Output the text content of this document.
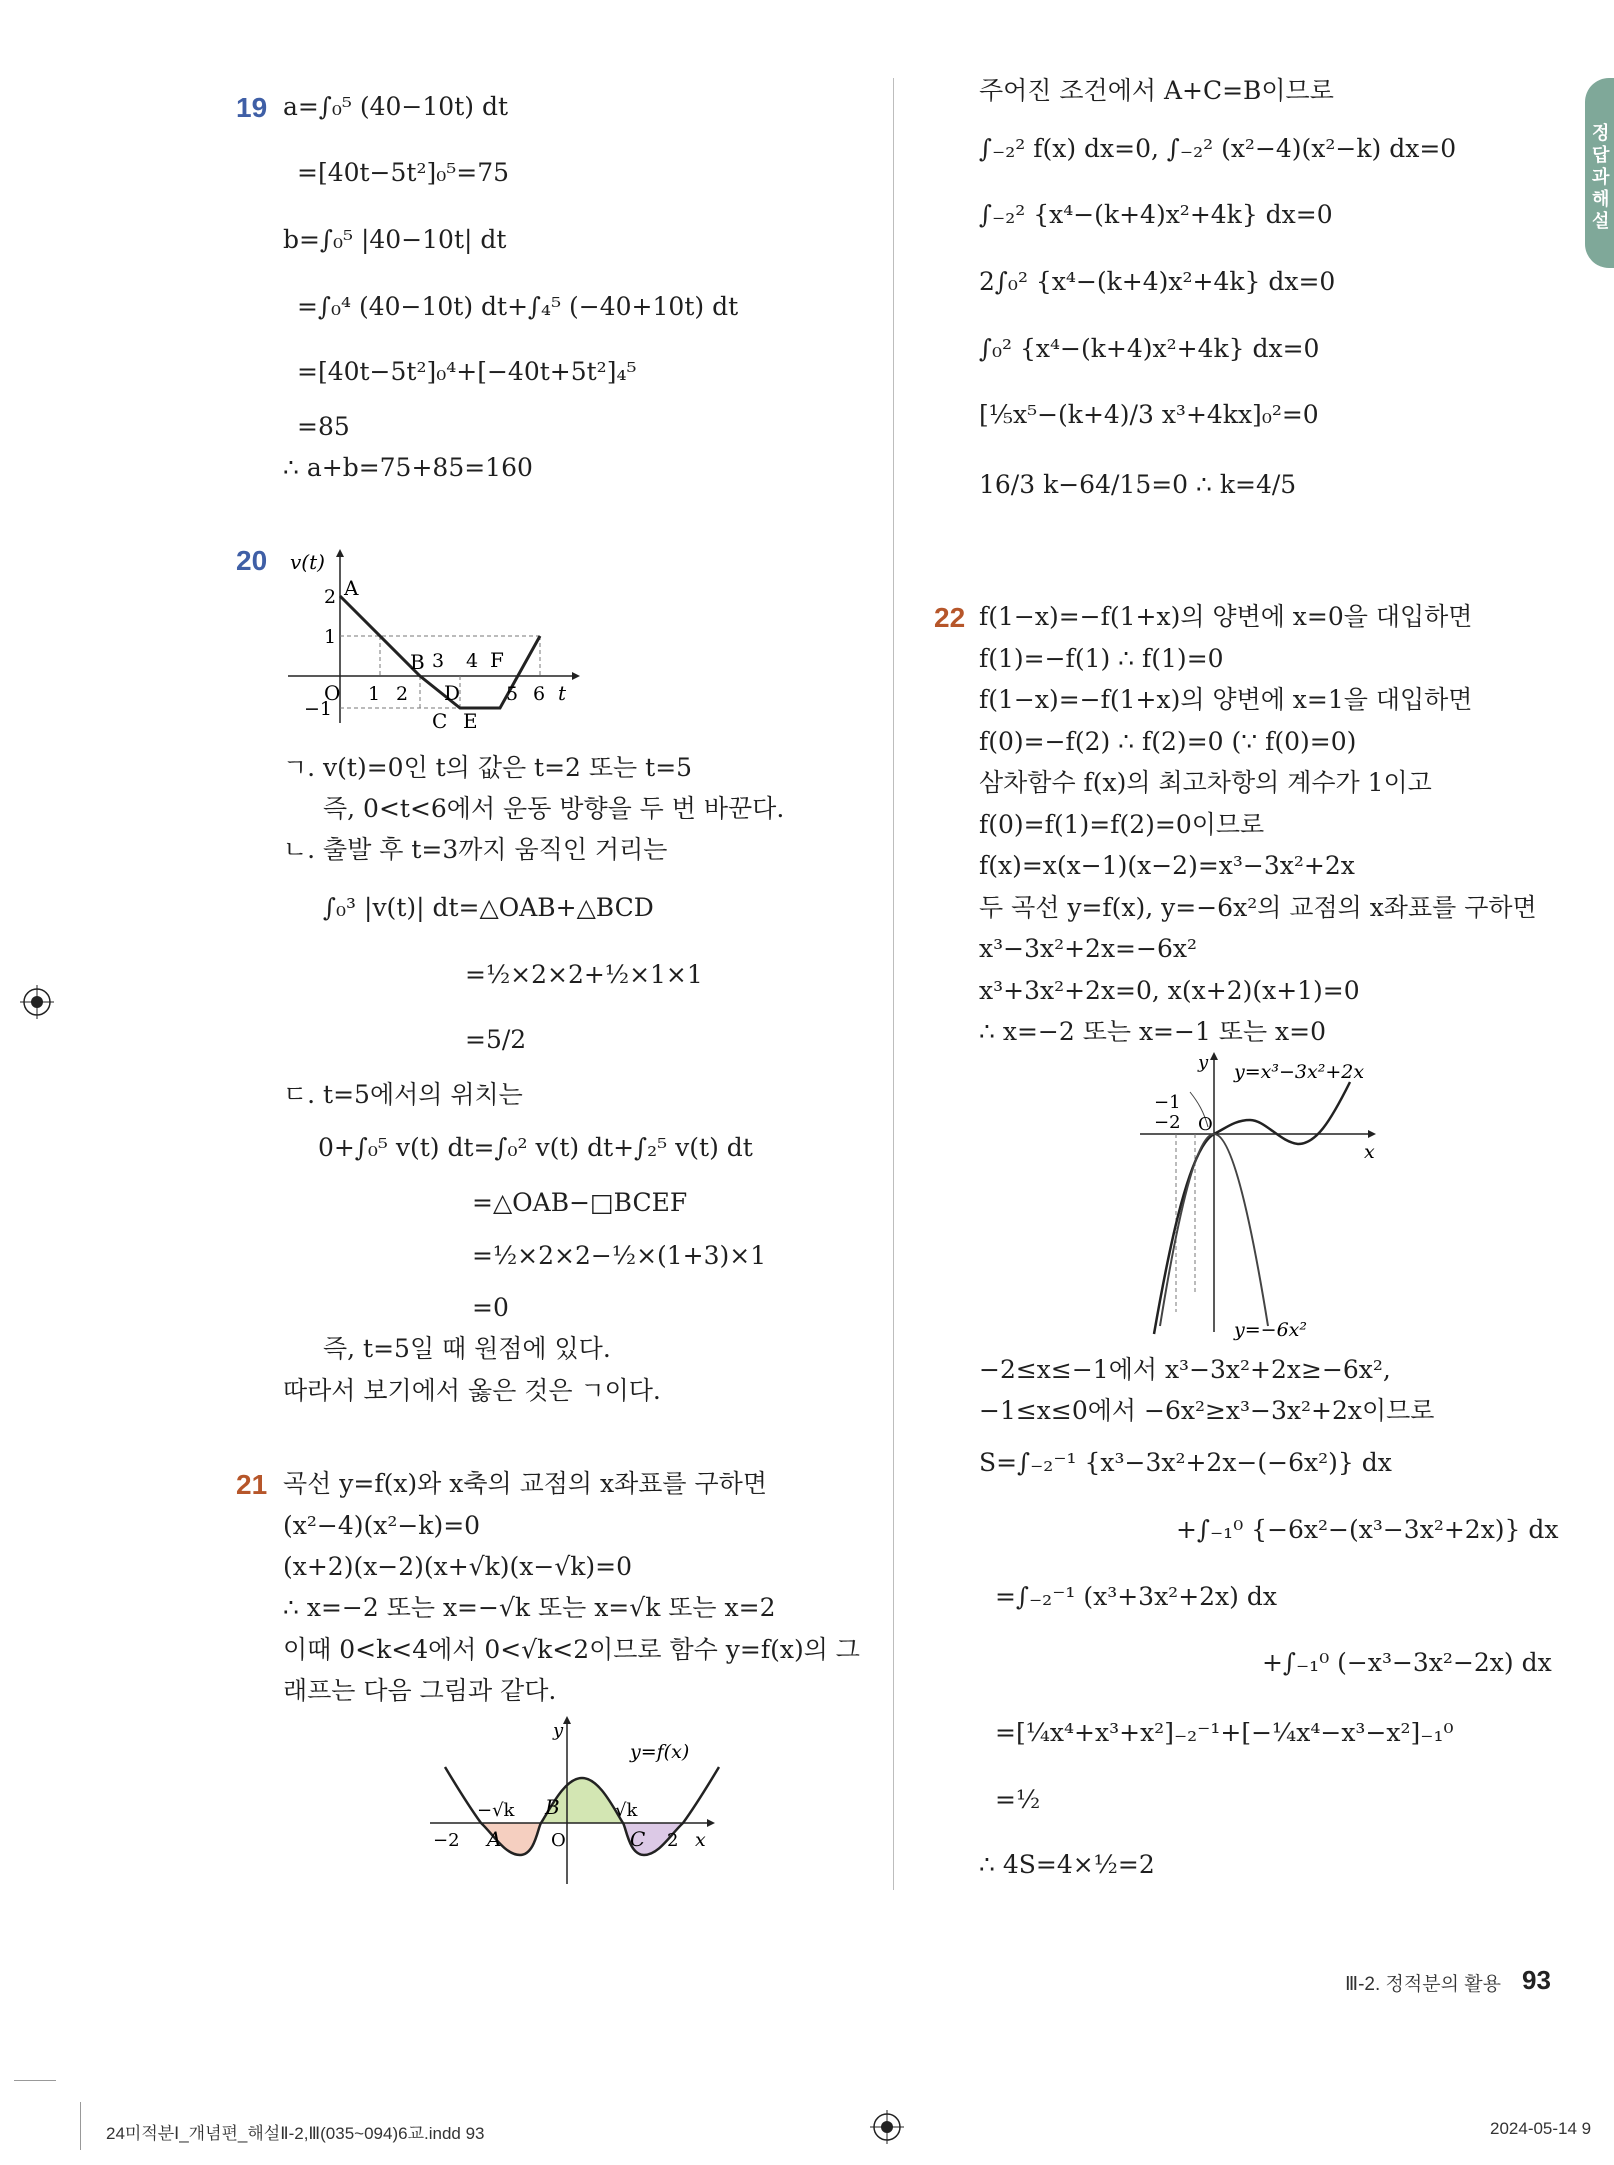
정답과 해설
19 a=∫₀⁵ (40−10t) dt
=[40t−5t²]₀⁵=75
b=∫₀⁵ |40−10t| dt
=∫₀⁴ (40−10t) dt+∫₄⁵ (−40+10t) dt
=[40t−5t²]₀⁴+[−40t+5t²]₄⁵
=85
∴ a+b=75+85=160
20 v(t)
t
O
2
1
−1
1 2
3 4
5 6
A
B
C
D
E
F
ㄱ. v(t)=0인 t의 값은 t=2 또는 t=5
즉, 0<t<6에서 운동 방향을 두 번 바꾼다.
ㄴ. 출발 후 t=3까지 움직인 거리는
∫₀³ |v(t)| dt=△OAB+△BCD
=½×2×2+½×1×1
=5/2
ㄷ. t=5에서의 위치는
0+∫₀⁵ v(t) dt=∫₀² v(t) dt+∫₂⁵ v(t) dt
=△OAB−□BCEF
=½×2×2−½×(1+3)×1
=0
즉, t=5일 때 원점에 있다.
따라서 보기에서 옳은 것은 ㄱ이다.
21 곡선 y=f(x)와 x축의 교점의 x좌표를 구하면
(x²−4)(x²−k)=0
(x+2)(x−2)(x+√k)(x−√k)=0
∴ x=−2 또는 x=−√k 또는 x=√k 또는 x=2
래프는 다음 그림과 같다.
이때 0<k<4에서 0<√k<2이므로 함수 y=f(x)의 그
y
x
y=f(x)
O
−2
−√k	√k
2
A
B
C
주어진 조건에서 A+C=B이므로
∫₋₂² f(x) dx=0, ∫₋₂² (x²−4)(x²−k) dx=0
∫₋₂² {x⁴−(k+4)x²+4k} dx=0
2∫₀² {x⁴−(k+4)x²+4k} dx=0
∫₀² {x⁴−(k+4)x²+4k} dx=0
[⅕x⁵−(k+4)/3 x³+4kx]₀²=0
16/3 k−64/15=0 ∴ k=4/5
22 f(1−x)=−f(1+x)의 양변에 x=0을 대입하면
f(1)=−f(1) ∴ f(1)=0
f(1−x)=−f(1+x)의 양변에 x=1을 대입하면
f(0)=−f(2) ∴ f(2)=0 (∵ f(0)=0)
삼차함수 f(x)의 최고차항의 계수가 1이고
f(0)=f(1)=f(2)=0이므로
f(x)=x(x−1)(x−2)=x³−3x²+2x
두 곡선 y=f(x), y=−6x²의 교점의 x좌표를 구하면
x³−3x²+2x=−6x²
x³+3x²+2x=0, x(x+2)(x+1)=0
∴ x=−2 또는 x=−1 또는 x=0
y
x
O
−1
−2
y=x³−3x²+2x
y=−6x²
−2≤x≤−1에서 x³−3x²+2x≥−6x²,
−1≤x≤0에서 −6x²≥x³−3x²+2x이므로
S=∫₋₂⁻¹ {x³−3x²+2x−(−6x²)} dx
+∫₋₁⁰ {−6x²−(x³−3x²+2x)} dx
=∫₋₂⁻¹ (x³+3x²+2x) dx
+∫₋₁⁰ (−x³−3x²−2x) dx
=[¼x⁴+x³+x²]₋₂⁻¹+[−¼x⁴−x³−x²]₋₁⁰
=½
∴ 4S=4×½=2
Ⅲ-2. 정적분의 활용 93
24미적분Ⅰ_개념편_해설Ⅱ-2,Ⅲ(035~094)6교.indd 93	2024-05-14 9
